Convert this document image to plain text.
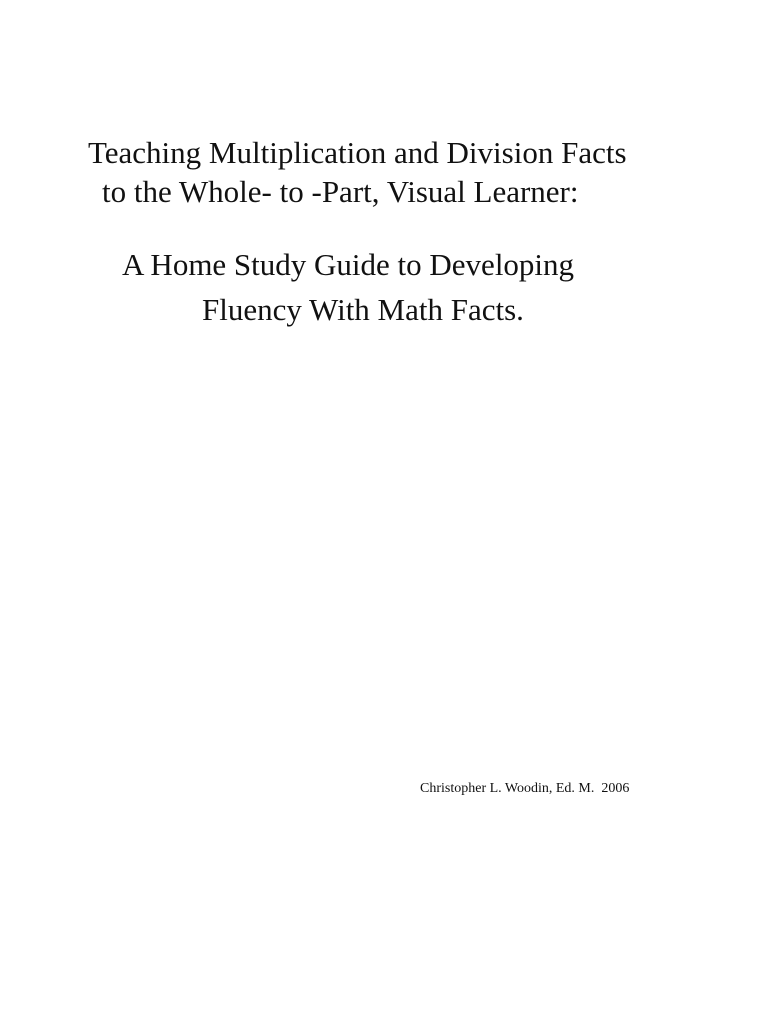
Teaching Multiplication and Division Facts
to the Whole- to -Part, Visual Learner:
A Home Study Guide to Developing
Fluency With Math Facts.
Christopher L. Woodin, Ed. M.  2006
